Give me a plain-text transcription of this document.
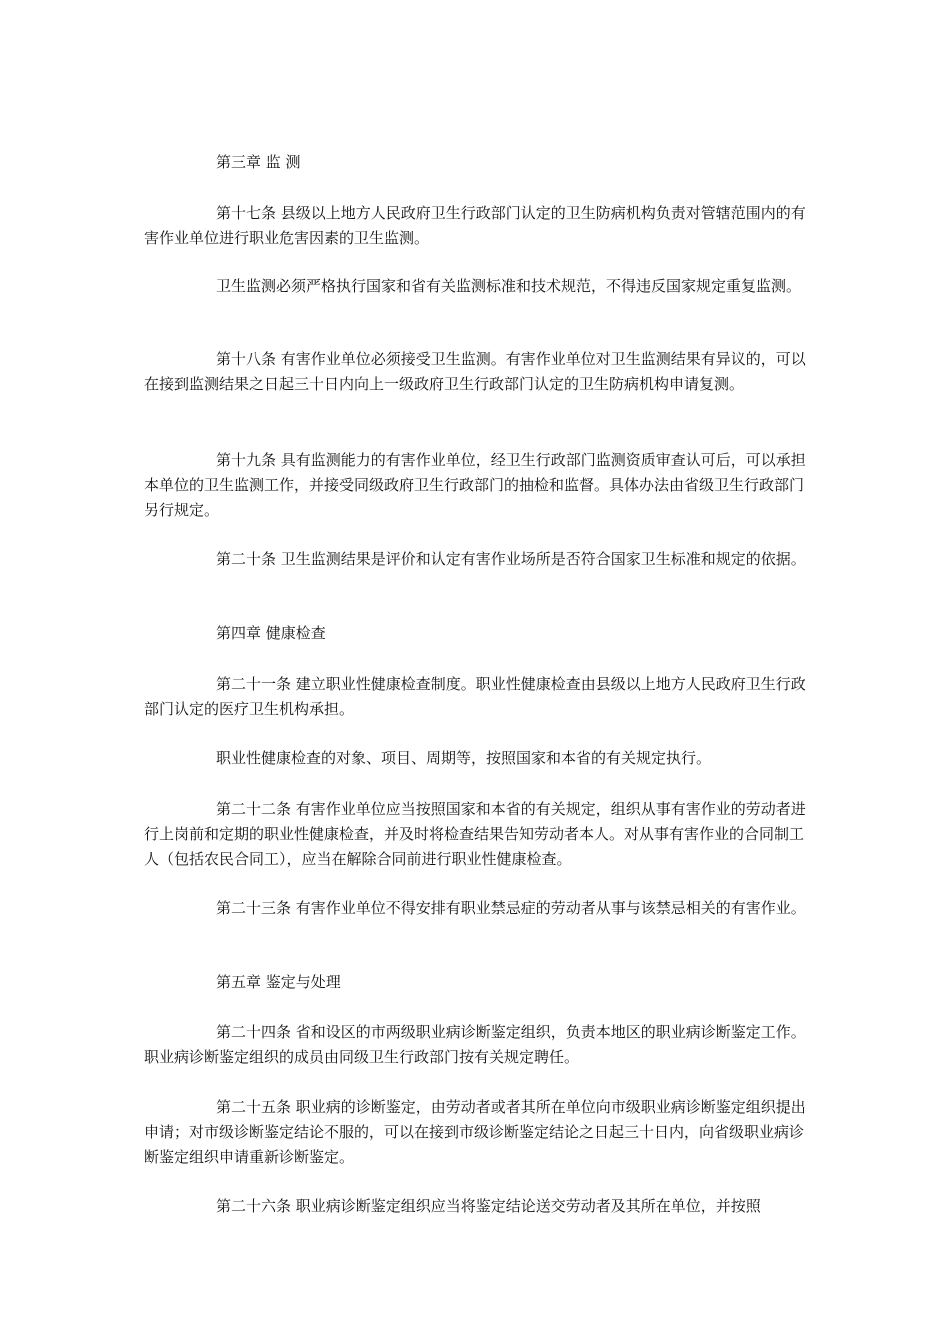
第三章 监 测

第十七条 县级以上地方人民政府卫生行政部门认定的卫生防病机构负责对管辖范围内的有害作业单位进行职业危害因素的卫生监测。

卫生监测必须严格执行国家和省有关监测标准和技术规范，不得违反国家规定重复监测。

第十八条 有害作业单位必须接受卫生监测。有害作业单位对卫生监测结果有异议的，可以在接到监测结果之日起三十日内向上一级政府卫生行政部门认定的卫生防病机构申请复测。

第十九条 具有监测能力的有害作业单位，经卫生行政部门监测资质审查认可后，可以承担本单位的卫生监测工作，并接受同级政府卫生行政部门的抽检和监督。具体办法由省级卫生行政部门另行规定。

第二十条 卫生监测结果是评价和认定有害作业场所是否符合国家卫生标准和规定的依据。

第四章 健康检查

第二十一条 建立职业性健康检查制度。职业性健康检查由县级以上地方人民政府卫生行政部门认定的医疗卫生机构承担。

职业性健康检查的对象、项目、周期等，按照国家和本省的有关规定执行。

第二十二条 有害作业单位应当按照国家和本省的有关规定，组织从事有害作业的劳动者进行上岗前和定期的职业性健康检查，并及时将检查结果告知劳动者本人。对从事有害作业的合同制工人（包括农民合同工），应当在解除合同前进行职业性健康检查。

第二十三条 有害作业单位不得安排有职业禁忌症的劳动者从事与该禁忌相关的有害作业。

第五章 鉴定与处理

第二十四条 省和设区的市两级职业病诊断鉴定组织，负责本地区的职业病诊断鉴定工作。职业病诊断鉴定组织的成员由同级卫生行政部门按有关规定聘任。

第二十五条 职业病的诊断鉴定，由劳动者或者其所在单位向市级职业病诊断鉴定组织提出申请；对市级诊断鉴定结论不服的，可以在接到市级诊断鉴定结论之日起三十日内，向省级职业病诊断鉴定组织申请重新诊断鉴定。

第二十六条 职业病诊断鉴定组织应当将鉴定结论送交劳动者及其所在单位，并按照
